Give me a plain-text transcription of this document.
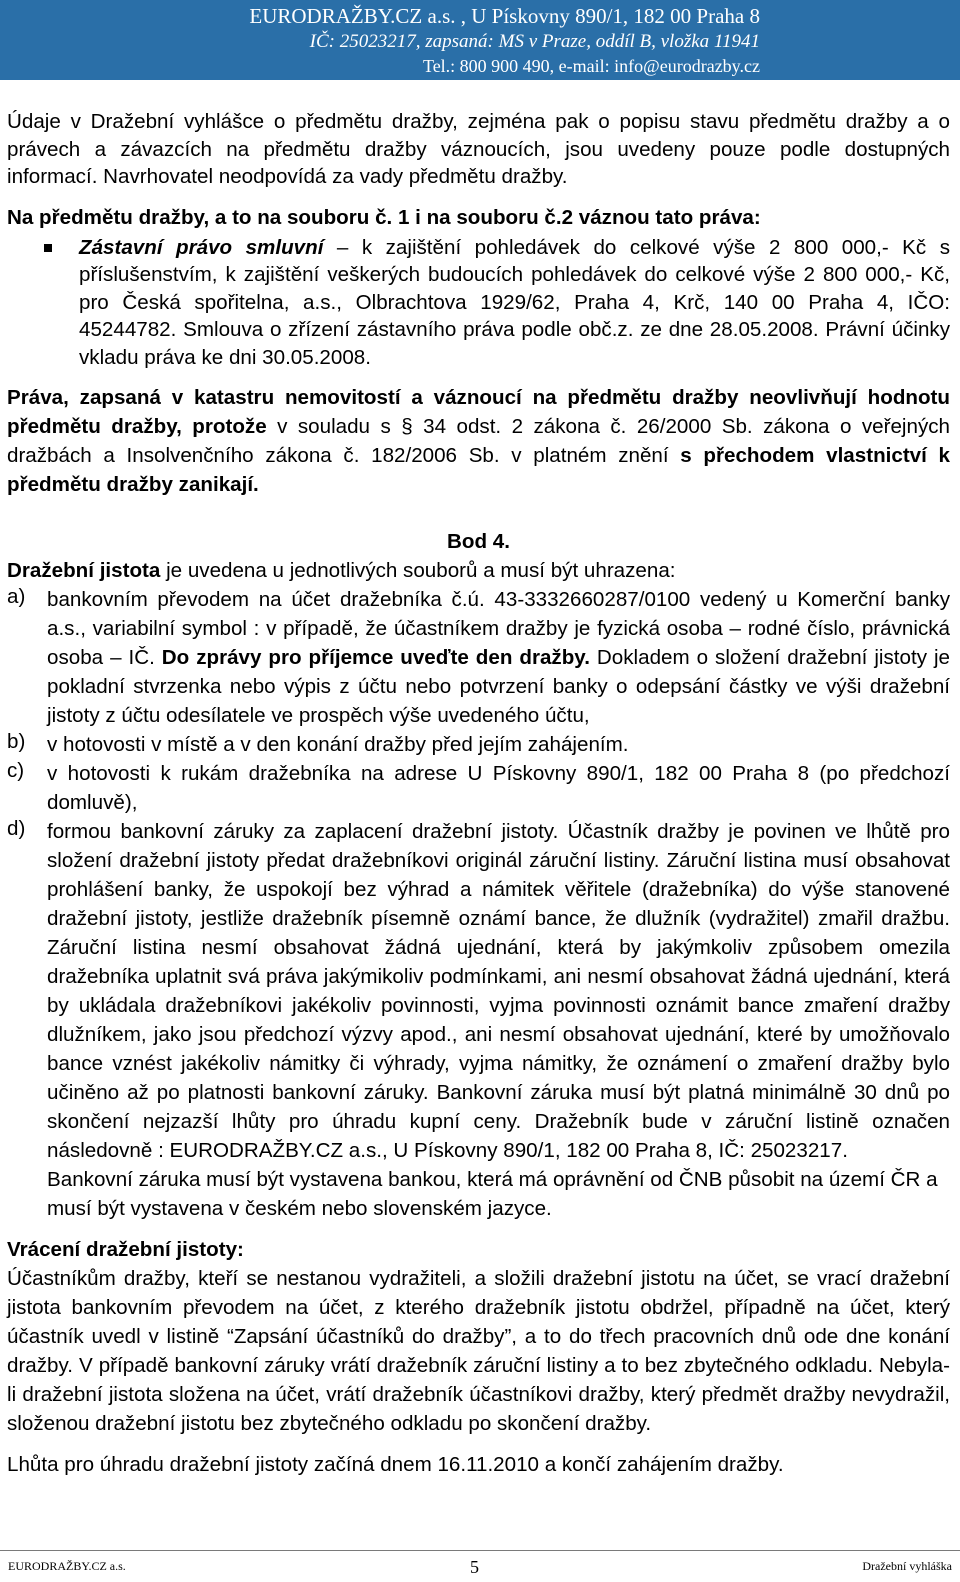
EURODRAŽBY.CZ a.s. , U Pískovny 890/1, 182 00 Praha 8
IČ: 25023217, zapsaná: MS v Praze, oddíl B, vložka 11941
Tel.: 800 900 490, e-mail: info@eurodrazby.cz

Údaje v Dražební vyhlášce o předmětu dražby, zejména pak o popisu stavu předmětu dražby a o právech a závazcích na předmětu dražby váznoucích, jsou uvedeny pouze podle dostupných informací. Navrhovatel neodpovídá za vady předmětu dražby.

Na předmětu dražby, a to na souboru č. 1 i na souboru č.2 váznou tato práva:

Zástavní právo smluvní – k zajištění pohledávek do celkové výše 2 800 000,- Kč s příslušenstvím, k zajištění veškerých budoucích pohledávek do celkové výše 2 800 000,- Kč, pro Česká spořitelna, a.s., Olbrachtova 1929/62, Praha 4, Krč, 140 00 Praha 4, IČO: 45244782. Smlouva o zřízení zástavního práva podle obč.z. ze dne 28.05.2008. Právní účinky vkladu práva ke dni 30.05.2008.

Práva, zapsaná v katastru nemovitostí a váznoucí na předmětu dražby neovlivňují hodnotu předmětu dražby, protože v souladu s § 34 odst. 2 zákona č. 26/2000 Sb. zákona o veřejných dražbách a Insolvenčního zákona č. 182/2006 Sb. v platném znění s přechodem vlastnictví k předmětu dražby zanikají.

Bod 4.

Dražební jistota je uvedena u jednotlivých souborů a musí být uhrazena:

a) bankovním převodem na účet dražebníka č.ú. 43-3332660287/0100 vedený u Komerční banky a.s., variabilní symbol : v případě, že účastníkem dražby je fyzická osoba – rodné číslo, právnická osoba – IČ. Do zprávy pro příjemce uveďte den dražby. Dokladem o složení dražební jistoty je pokladní stvrzenka nebo výpis z účtu nebo potvrzení banky o odepsání částky ve výši dražební jistoty z účtu odesílatele ve prospěch výše uvedeného účtu,

b) v hotovosti v místě a v den konání dražby před jejím zahájením.

c) v hotovosti k rukám dražebníka na adrese U Pískovny 890/1, 182 00 Praha 8 (po předchozí domluvě),

d) formou bankovní záruky za zaplacení dražební jistoty. Účastník dražby je povinen ve lhůtě pro složení dražební jistoty předat dražebníkovi originál záruční listiny. Záruční listina musí obsahovat prohlášení banky, že uspokojí bez výhrad a námitek věřitele (dražebníka) do výše stanovené dražební jistoty, jestliže dražebník písemně oznámí bance, že dlužník (vydražitel) zmařil dražbu. Záruční listina nesmí obsahovat žádná ujednání, která by jakýmkoliv způsobem omezila dražebníka uplatnit svá práva jakýmikoliv podmínkami, ani nesmí obsahovat žádná ujednání, která by ukládala dražebníkovi jakékoliv povinnosti, vyjma povinnosti oznámit bance zmaření dražby dlužníkem, jako jsou předchozí výzvy apod., ani nesmí obsahovat ujednání, které by umožňovalo bance vznést jakékoliv námitky či výhrady, vyjma námitky, že oznámení o zmaření dražby bylo učiněno až po platnosti bankovní záruky. Bankovní záruka musí být platná minimálně 30 dnů po skončení nejzazší lhůty pro úhradu kupní ceny. Dražebník bude v záruční listině označen následovně : EURODRAŽBY.CZ a.s., U Pískovny 890/1, 182 00 Praha 8, IČ: 25023217.

Bankovní záruka musí být vystavena bankou, která má oprávnění od ČNB působit na území ČR a musí být vystavena v českém nebo slovenském jazyce.

Vrácení dražební jistoty:

Účastníkům dražby, kteří se nestanou vydražiteli, a složili dražební jistotu na účet, se vrací dražební jistota bankovním převodem na účet, z kterého dražebník jistotu obdržel, případně na účet, který účastník uvedl v listině “Zapsání účastníků do dražby”, a to do třech pracovních dnů ode dne konání dražby. V případě bankovní záruky vrátí dražebník záruční listiny a to bez zbytečného odkladu. Nebyla-li dražební jistota složena na účet, vrátí dražebník účastníkovi dražby, který předmět dražby nevydražil, složenou dražební jistotu bez zbytečného odkladu po skončení dražby.

Lhůta pro úhradu dražební jistoty začíná dnem 16.11.2010 a končí zahájením dražby.

EURODRAŽBY.CZ a.s.	5	Dražební vyhláška
